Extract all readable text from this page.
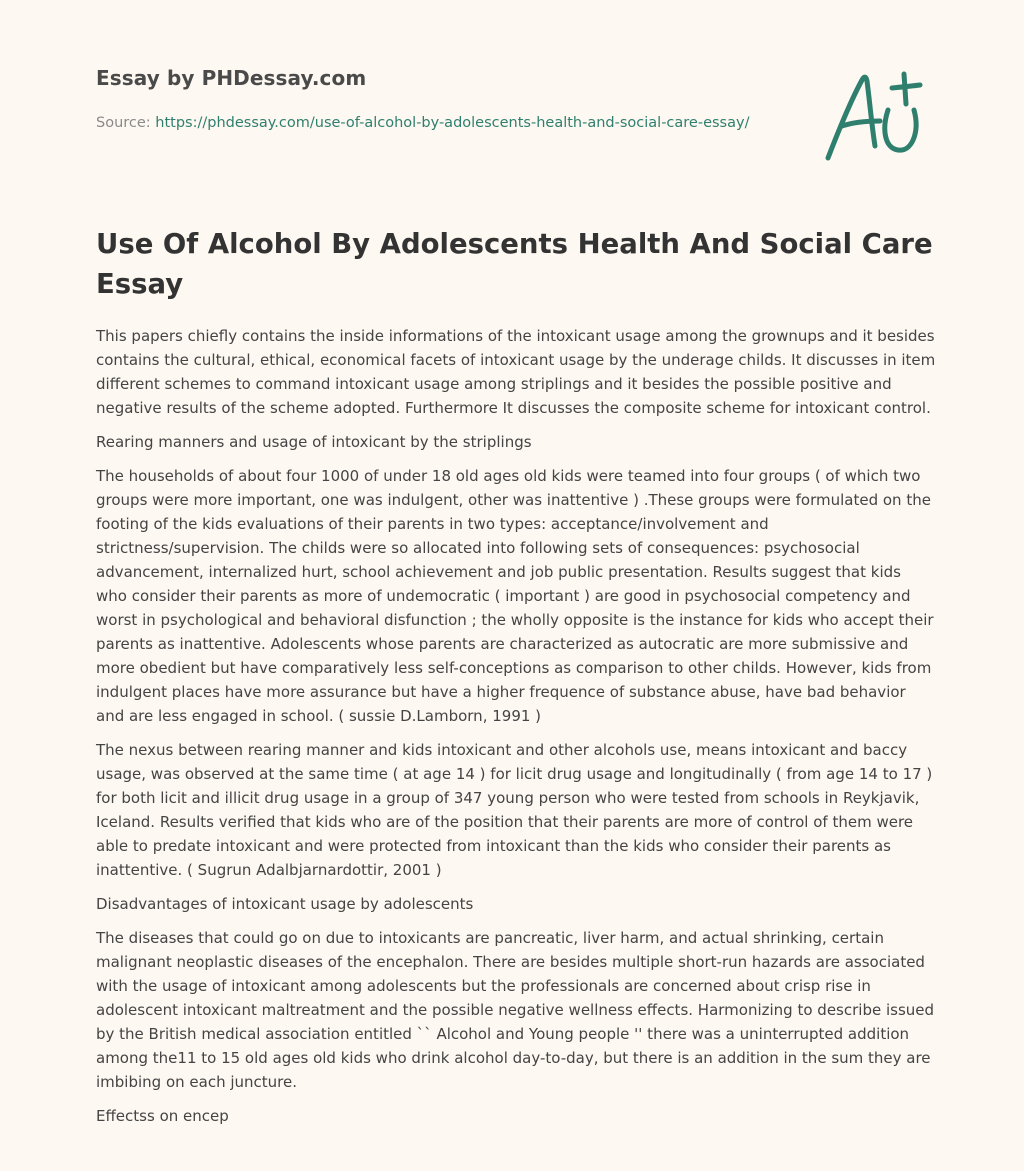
Essay by PHDessay.com
Source: https://phdessay.com/use-of-alcohol-by-adolescents-health-and-social-care-essay/
Use Of Alcohol By Adolescents Health And Social Care Essay

This papers chiefly contains the inside informations of the intoxicant usage among the grownups and it besides contains the cultural, ethical, economical facets of intoxicant usage by the underage childs. It discusses in item different schemes to command intoxicant usage among striplings and it besides the possible positive and negative results of the scheme adopted. Furthermore It discusses the composite scheme for intoxicant control.

Rearing manners and usage of intoxicant by the striplings

The households of about four 1000 of under 18 old ages old kids were teamed into four groups ( of which two groups were more important, one was indulgent, other was inattentive ) .These groups were formulated on the footing of the kids evaluations of their parents in two types: acceptance/involvement and strictness/supervision. The childs were so allocated into following sets of consequences: psychosocial advancement, internalized hurt, school achievement and job public presentation. Results suggest that kids who consider their parents as more of undemocratic ( important ) are good in psychosocial competency and worst in psychological and behavioral disfunction ; the wholly opposite is the instance for kids who accept their parents as inattentive. Adolescents whose parents are characterized as autocratic are more submissive and more obedient but have comparatively less self-conceptions as comparison to other childs. However, kids from indulgent places have more assurance but have a higher frequence of substance abuse, have bad behavior and are less engaged in school. ( sussie D.Lamborn, 1991 )

The nexus between rearing manner and kids intoxicant and other alcohols use, means intoxicant and baccy usage, was observed at the same time ( at age 14 ) for licit drug usage and longitudinally ( from age 14 to 17 ) for both licit and illicit drug usage in a group of 347 young person who were tested from schools in Reykjavik, Iceland. Results verified that kids who are of the position that their parents are more of control of them were able to predate intoxicant and were protected from intoxicant than the kids who consider their parents as inattentive. ( Sugrun Adalbjarnardottir, 2001 )

Disadvantages of intoxicant usage by adolescents

The diseases that could go on due to intoxicants are pancreatic, liver harm, and actual shrinking, certain malignant neoplastic diseases of the encephalon. There are besides multiple short-run hazards are associated with the usage of intoxicant among adolescents but the professionals are concerned about crisp rise in adolescent intoxicant maltreatment and the possible negative wellness effects. Harmonizing to describe issued by the British medical association entitled `` Alcohol and Young people '' there was a uninterrupted addition among the11 to 15 old ages old kids who drink alcohol day-to-day, but there is an addition in the sum they are imbibing on each juncture.

Effectss on encep
